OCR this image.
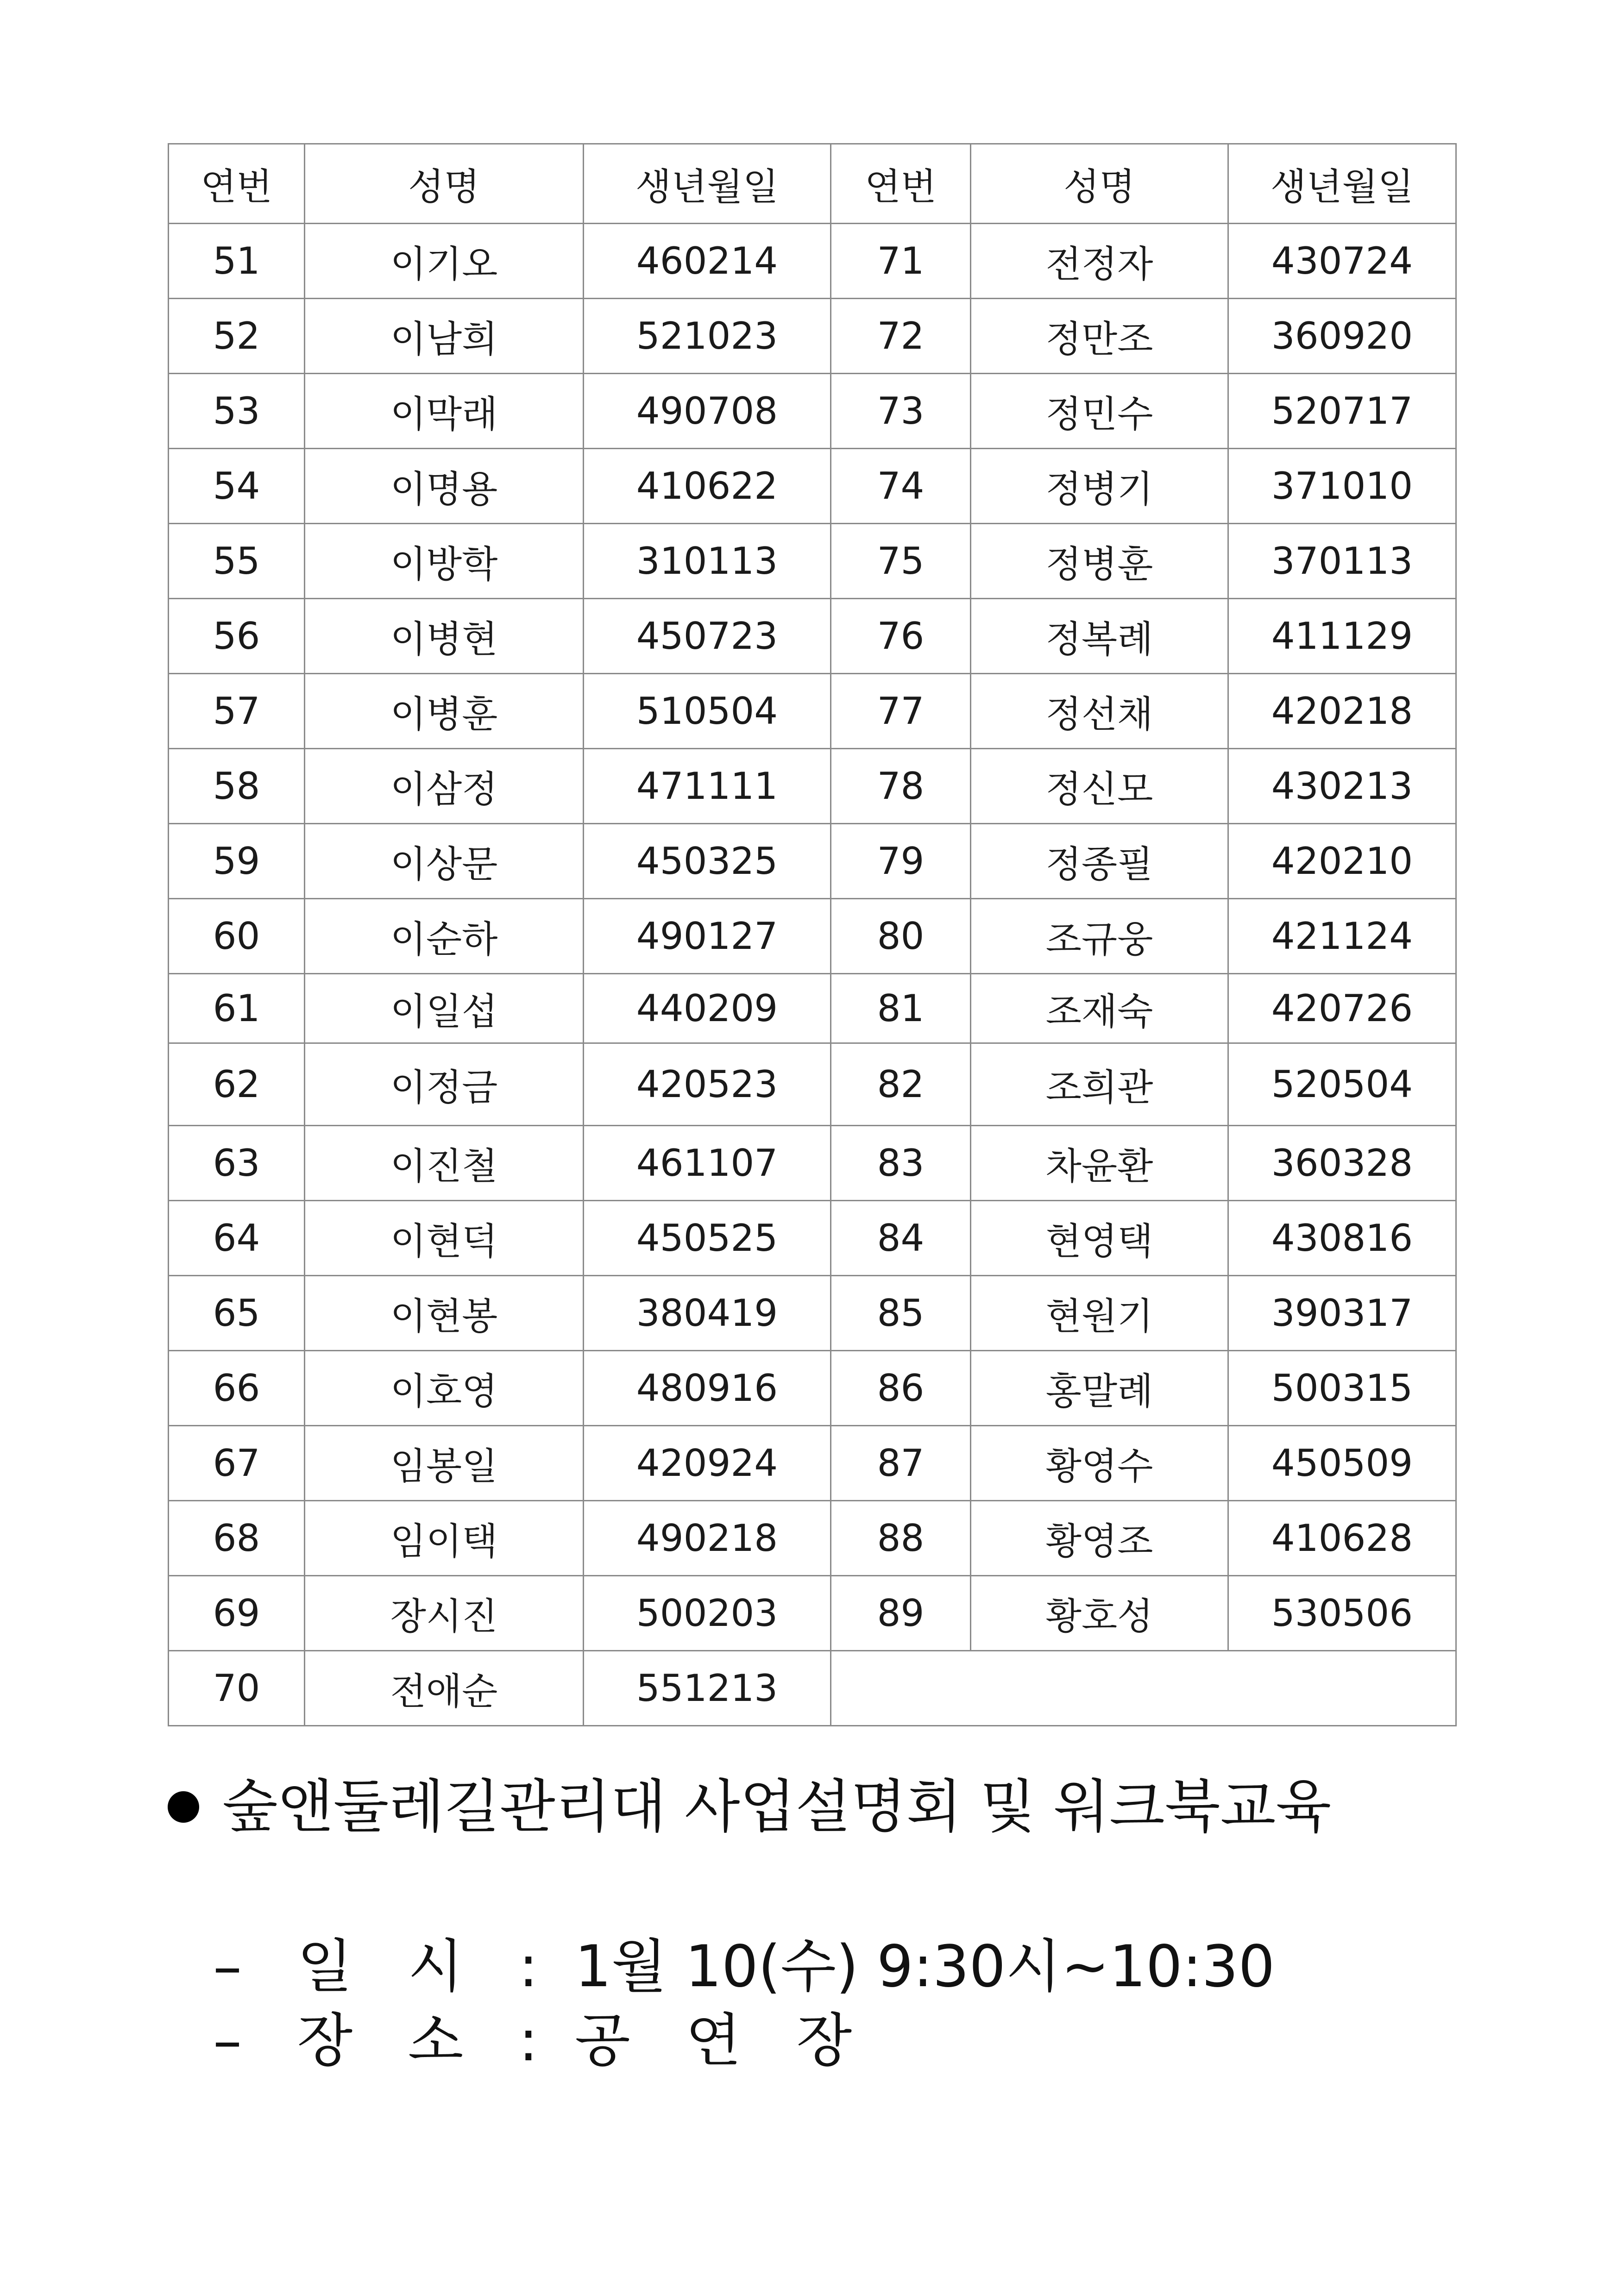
연번	성명	생년월일	연번	성명	생년월일
51	이기오	460214	71	전정자	430724
52	이남희	521023	72	정만조	360920
53	이막래	490708	73	정민수	520717
54	이명용	410622	74	정병기	371010
55	이방학	310113	75	정병훈	370113
56	이병현	450723	76	정복례	411129
57	이병훈	510504	77	정선채	420218
58	이삼정	471111	78	정신모	430213
59	이상문	450325	79	정종필	420210
60	이순하	490127	80	조규웅	421124
61	이일섭	440209	81	조재숙	420726
62	이정금	420523	82	조희관	520504
63	이진철	461107	83	차윤환	360328
64	이현덕	450525	84	현영택	430816
65	이현봉	380419	85	현원기	390317
66	이호영	480916	86	홍말례	500315
67	임봉일	420924	87	황영수	450509
68	임이택	490218	88	황영조	410628
69	장시진	500203	89	황호성	530506
70	전애순	551213			
숲앤둘레길관리대 사업설명회 및 워크북교육
– 일 시 : 1월 10(수) 9:30시~10:30
– 장 소 : 공 연 장
